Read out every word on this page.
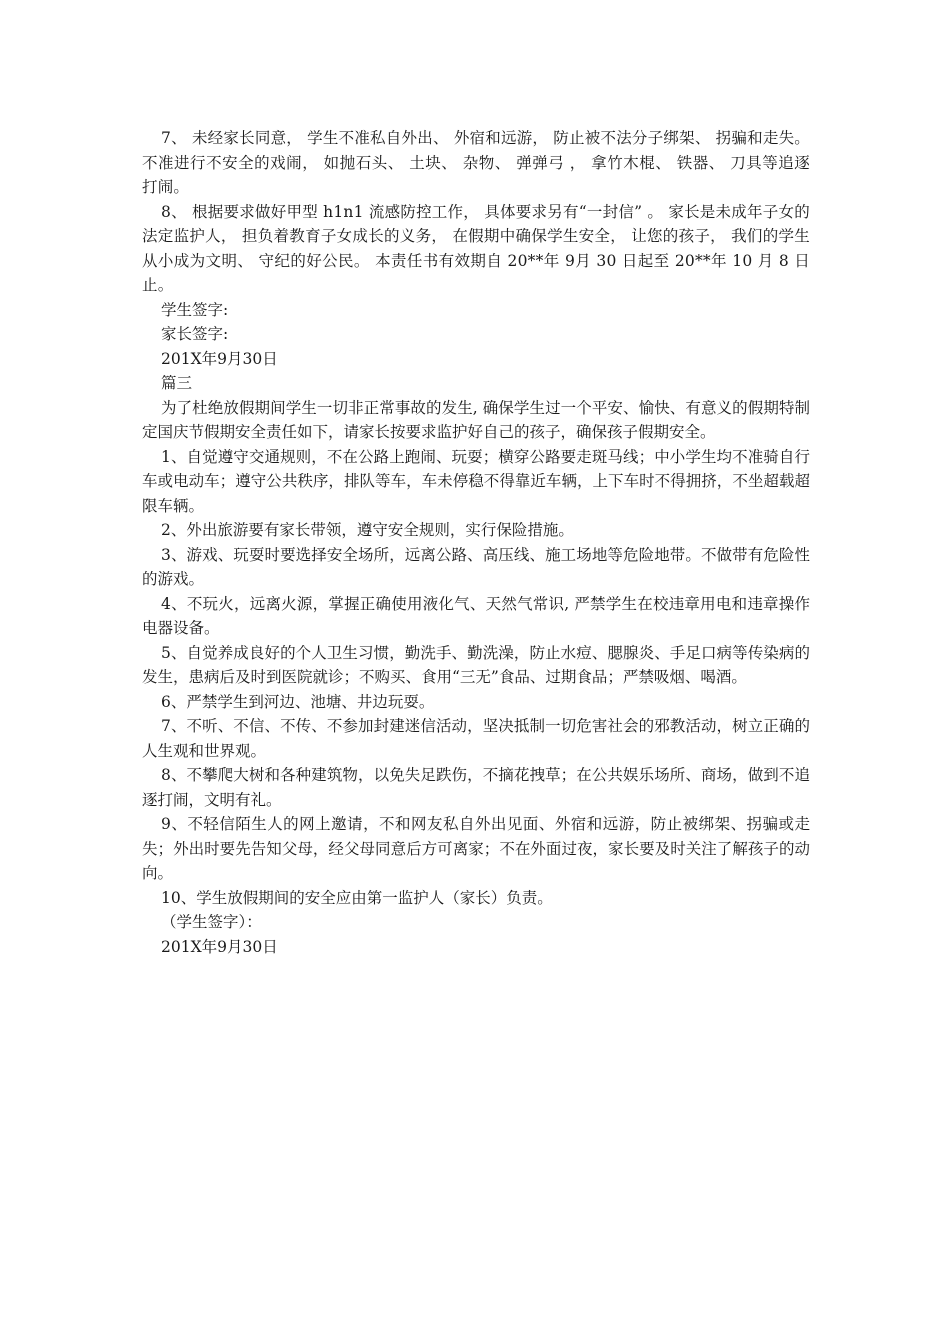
7、 未经家长同意， 学生不准私自外出、 外宿和远游， 防止被不法分子绑架、 拐骗和走失。 不准进行不安全的戏闹， 如抛石头、 土块、 杂物、 弹弹弓 ， 拿竹木棍、 铁器、 刀具等追逐打闹。

8、 根据要求做好甲型 h1n1 流感防控工作， 具体要求另有“一封信” 。 家长是未成年子女的法定监护人， 担负着教育子女成长的义务， 在假期中确保学生安全， 让您的孩子， 我们的学生从小成为文明、 守纪的好公民。 本责任书有效期自 20**年 9月 30 日起至 20**年 10 月 8 日止。

学生签字:

家长签字:

201X年9月30日

篇三

为了杜绝放假期间学生一切非正常事故的发生, 确保学生过一个平安、愉快、有意义的假期特制定国庆节假期安全责任如下，请家长按要求监护好自己的孩子，确保孩子假期安全。

1、自觉遵守交通规则，不在公路上跑闹、玩耍；横穿公路要走斑马线；中小学生均不准骑自行车或电动车；遵守公共秩序，排队等车，车未停稳不得靠近车辆，上下车时不得拥挤，不坐超载超限车辆。

2、外出旅游要有家长带领，遵守安全规则，实行保险措施。

3、游戏、玩耍时要选择安全场所，远离公路、高压线、施工场地等危险地带。不做带有危险性的游戏。

4、不玩火，远离火源，掌握正确使用液化气、天然气常识, 严禁学生在校违章用电和违章操作电器设备。

5、自觉养成良好的个人卫生习惯，勤洗手、勤洗澡，防止水痘、腮腺炎、手足口病等传染病的发生，患病后及时到医院就诊；不购买、食用“三无”食品、过期食品；严禁吸烟、喝酒。

6、严禁学生到河边、池塘、井边玩耍。

7、不听、不信、不传、不参加封建迷信活动，坚决抵制一切危害社会的邪教活动，树立正确的人生观和世界观。

8、不攀爬大树和各种建筑物，以免失足跌伤，不摘花拽草；在公共娱乐场所、商场，做到不追逐打闹，文明有礼。

9、不轻信陌生人的网上邀请，不和网友私自外出见面、外宿和远游，防止被绑架、拐骗或走失；外出时要先告知父母，经父母同意后方可离家；不在外面过夜，家长要及时关注了解孩子的动向。

10、学生放假期间的安全应由第一监护人（家长）负责。

（学生签字）：

201X年9月30日
